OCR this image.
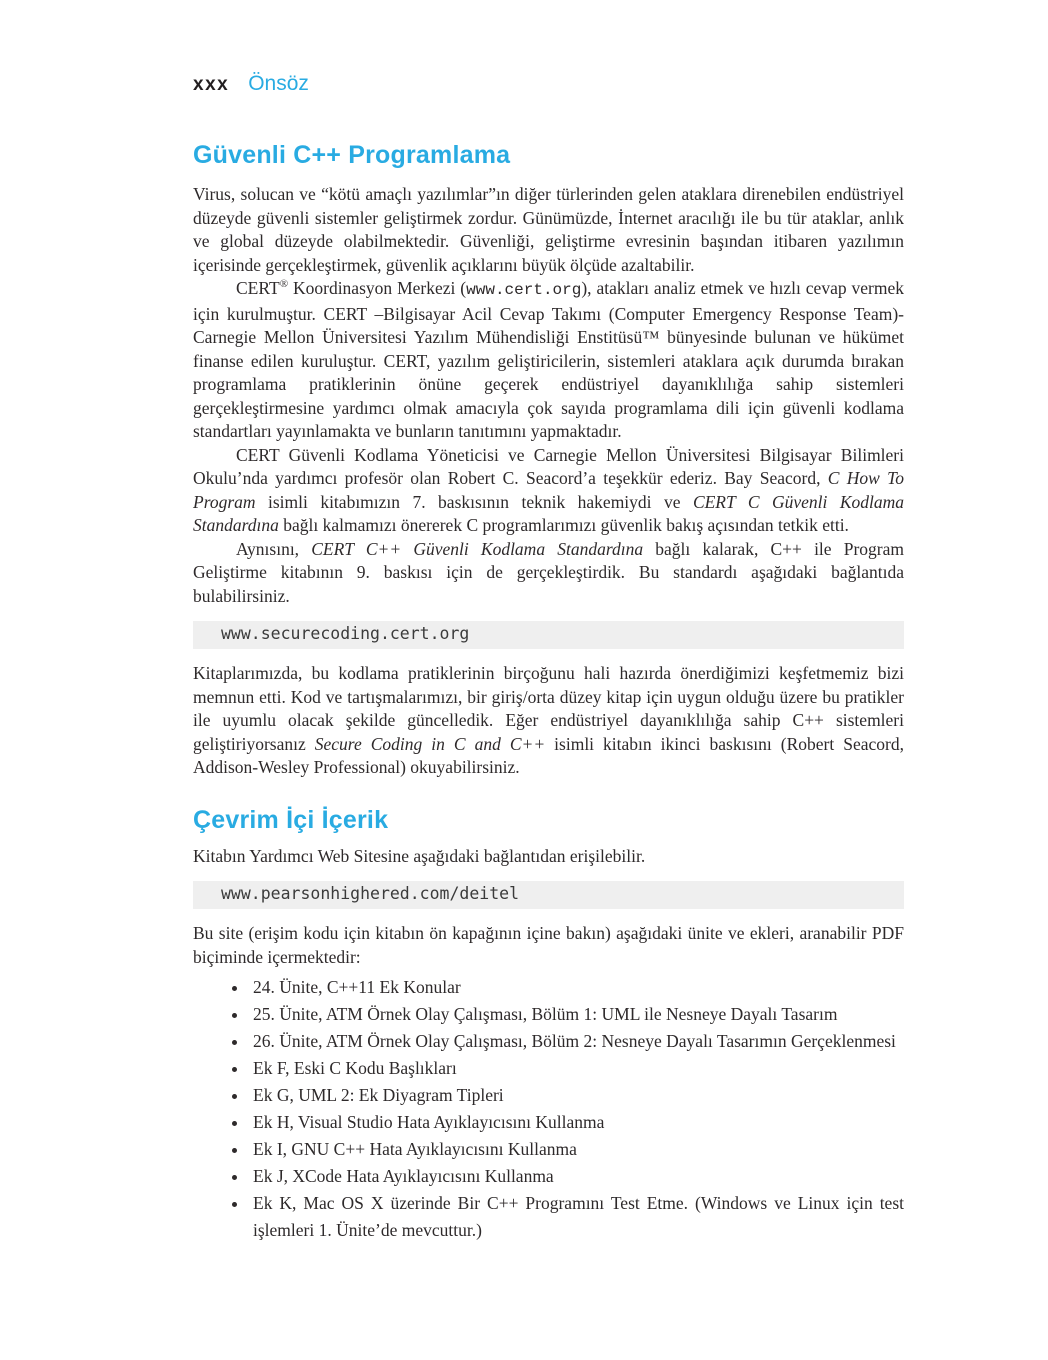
xxx Önsöz
Güvenli C++ Programlama

Virus, solucan ve “kötü amaçlı yazılımlar”ın diğer türlerinden gelen ataklara direnebilen endüstriyel düzeyde güvenli sistemler geliştirmek zordur. Günümüzde, İnternet aracılığı ile bu tür ataklar, anlık ve global düzeyde olabilmektedir. Güvenliği, geliştirme evresinin başından itibaren yazılımın içerisinde gerçekleştirmek, güvenlik açıklarını büyük ölçüde azaltabilir.

CERT® Koordinasyon Merkezi (www.cert.org), atakları analiz etmek ve hızlı cevap vermek için kurulmuştur. CERT –Bilgisayar Acil Cevap Takımı (Computer Emergency Response Team)- Carnegie Mellon Üniversitesi Yazılım Mühendisliği Enstitüsü™ bünyesinde bulunan ve hükümet finanse edilen kuruluştur. CERT, yazılım geliştiricilerin, sistemleri ataklara açık durumda bırakan programlama pratiklerinin önüne geçerek endüstriyel dayanıklılığa sahip sistemleri gerçekleştirmesine yardımcı olmak amacıyla çok sayıda programlama dili için güvenli kodlama standartları yayınlamakta ve bunların tanıtımını yapmaktadır.

CERT Güvenli Kodlama Yöneticisi ve Carnegie Mellon Üniversitesi Bilgisayar Bilimleri Okulu’nda yardımcı profesör olan Robert C. Seacord’a teşekkür ederiz. Bay Seacord, C How To Program isimli kitabımızın 7. baskısının teknik hakemiydi ve CERT C Güvenli Kodlama Standardına bağlı kalmamızı önererek C programlarımızı güvenlik bakış açısından tetkik etti.

Aynısını, CERT C++ Güvenli Kodlama Standardına bağlı kalarak, C++ ile Program Geliştirme kitabının 9. baskısı için de gerçekleştirdik. Bu standardı aşağıdaki bağlantıda bulabilirsiniz.

www.securecoding.cert.org

Kitaplarımızda, bu kodlama pratiklerinin birçoğunu hali hazırda önerdiğimizi keşfetmemiz bizi memnun etti. Kod ve tartışmalarımızı, bir giriş/orta düzey kitap için uygun olduğu üzere bu pratikler ile uyumlu olacak şekilde güncelledik. Eğer endüstriyel dayanıklılığa sahip C++ sistemleri geliştiriyorsanız Secure Coding in C and C++ isimli kitabın ikinci baskısını (Robert Seacord, Addison-Wesley Professional) okuyabilirsiniz.

Çevrim İçi İçerik

Kitabın Yardımcı Web Sitesine aşağıdaki bağlantıdan erişilebilir.

www.pearsonhighered.com/deitel

Bu site (erişim kodu için kitabın ön kapağının içine bakın) aşağıdaki ünite ve ekleri, aranabilir PDF biçiminde içermektedir:

• 24. Ünite, C++11 Ek Konular
• 25. Ünite, ATM Örnek Olay Çalışması, Bölüm 1: UML ile Nesneye Dayalı Tasarım
• 26. Ünite, ATM Örnek Olay Çalışması, Bölüm 2: Nesneye Dayalı Tasarımın Gerçeklenmesi
• Ek F, Eski C Kodu Başlıkları
• Ek G, UML 2: Ek Diyagram Tipleri
• Ek H, Visual Studio Hata Ayıklayıcısını Kullanma
• Ek I, GNU C++ Hata Ayıklayıcısını Kullanma
• Ek J, XCode Hata Ayıklayıcısını Kullanma
• Ek K, Mac OS X üzerinde Bir C++ Programını Test Etme. (Windows ve Linux için test işlemleri 1. Ünite’de mevcuttur.)
